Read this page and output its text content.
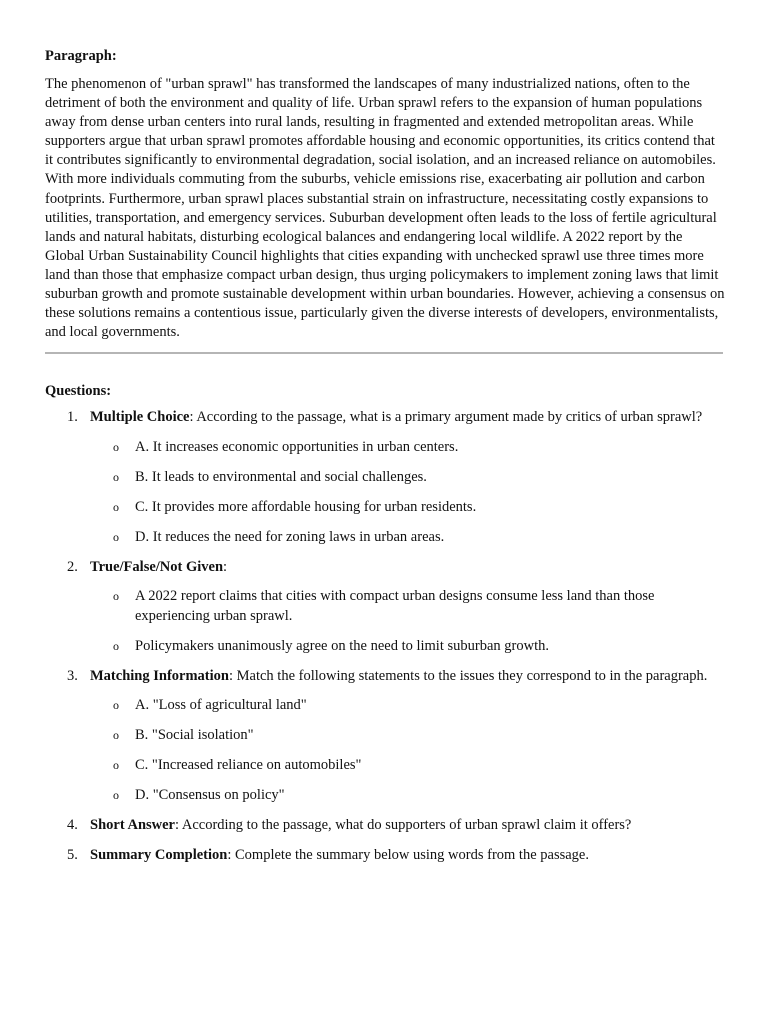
Paragraph:

The phenomenon of "urban sprawl" has transformed the landscapes of many industrialized nations, often to the detriment of both the environment and quality of life. Urban sprawl refers to the expansion of human populations away from dense urban centers into rural lands, resulting in fragmented and extended metropolitan areas. While supporters argue that urban sprawl promotes affordable housing and economic opportunities, its critics contend that it contributes significantly to environmental degradation, social isolation, and an increased reliance on automobiles. With more individuals commuting from the suburbs, vehicle emissions rise, exacerbating air pollution and carbon footprints. Furthermore, urban sprawl places substantial strain on infrastructure, necessitating costly expansions to utilities, transportation, and emergency services. Suburban development often leads to the loss of fertile agricultural lands and natural habitats, disturbing ecological balances and endangering local wildlife. A 2022 report by the Global Urban Sustainability Council highlights that cities expanding with unchecked sprawl use three times more land than those that emphasize compact urban design, thus urging policymakers to implement zoning laws that limit suburban growth and promote sustainable development within urban boundaries. However, achieving a consensus on these solutions remains a contentious issue, particularly given the diverse interests of developers, environmentalists, and local governments.

Questions:

1. Multiple Choice: According to the passage, what is a primary argument made by critics of urban sprawl?
o A. It increases economic opportunities in urban centers.
o B. It leads to environmental and social challenges.
o C. It provides more affordable housing for urban residents.
o D. It reduces the need for zoning laws in urban areas.
2. True/False/Not Given:
o A 2022 report claims that cities with compact urban designs consume less land than those experiencing urban sprawl.
o Policymakers unanimously agree on the need to limit suburban growth.
3. Matching Information: Match the following statements to the issues they correspond to in the paragraph.
o A. "Loss of agricultural land"
o B. "Social isolation"
o C. "Increased reliance on automobiles"
o D. "Consensus on policy"
4. Short Answer: According to the passage, what do supporters of urban sprawl claim it offers?
5. Summary Completion: Complete the summary below using words from the passage.
